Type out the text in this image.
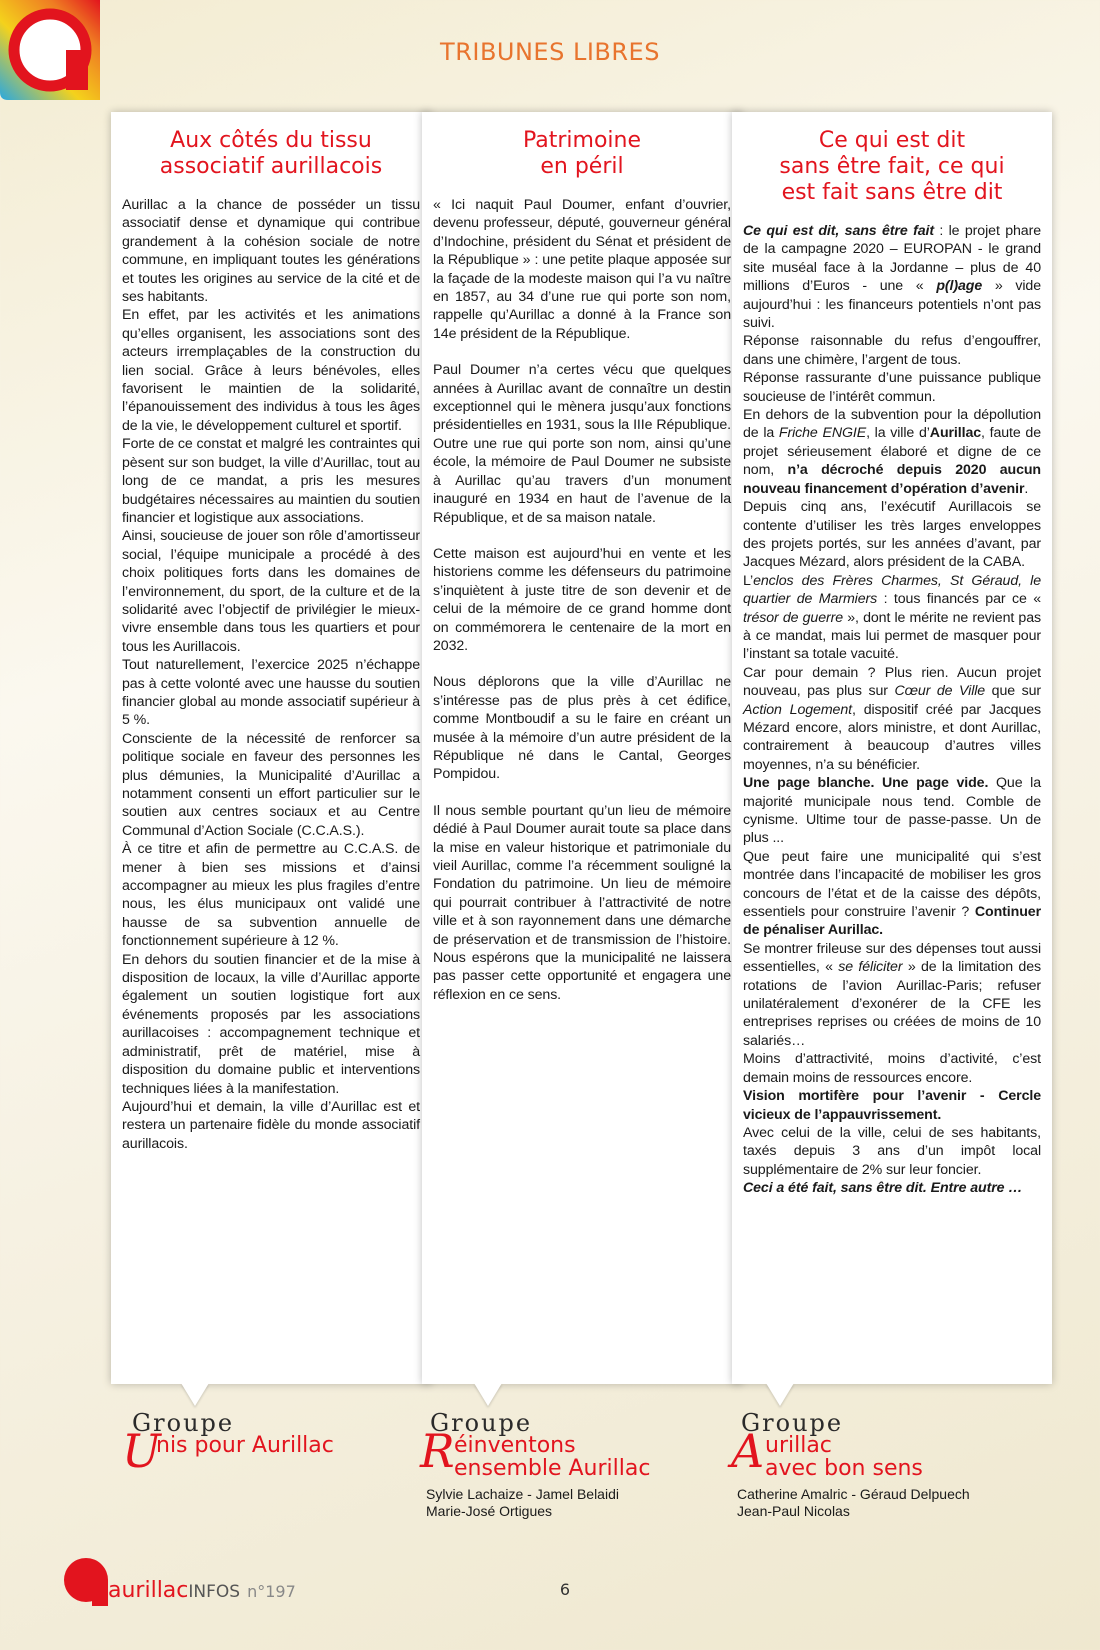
TRIBUNES LIBRES
Aux côtés du tissu
associatif aurillacois

Aurillac a la chance de posséder un tissu associatif dense et dynamique qui contribue grandement à la cohésion sociale de notre commune, en impliquant toutes les générations et toutes les origines au service de la cité et de ses habitants.

En effet, par les activités et les animations qu’elles organisent, les associations sont des acteurs irremplaçables de la construction du lien social. Grâce à leurs bénévoles, elles favorisent le maintien de la solidarité, l’épanouissement des individus à tous les âges de la vie, le développement culturel et sportif.

Forte de ce constat et malgré les contraintes qui pèsent sur son budget, la ville d’Aurillac, tout au long de ce mandat, a pris les mesures budgétaires nécessaires au maintien du soutien financier et logistique aux associations.

Ainsi, soucieuse de jouer son rôle d’amortisseur social, l’équipe municipale a procédé à des choix politiques forts dans les domaines de l’environnement, du sport, de la culture et de la solidarité avec l’objectif de privilégier le mieux-vivre ensemble dans tous les quartiers et pour tous les Aurillacois.

Tout naturellement, l’exercice 2025 n’échappe pas à cette volonté avec une hausse du soutien financier global au monde associatif supérieur à 5 %.

Consciente de la nécessité de renforcer sa politique sociale en faveur des personnes les plus démunies, la Municipalité d’Aurillac a notamment consenti un effort particulier sur le soutien aux centres sociaux et au Centre Communal d’Action Sociale (C.C.A.S.).

À ce titre et afin de permettre au C.C.A.S. de mener à bien ses missions et d’ainsi accompagner au mieux les plus fragiles d’entre nous, les élus municipaux ont validé une hausse de sa subvention annuelle de fonctionnement supérieure à 12 %.

En dehors du soutien financier et de la mise à disposition de locaux, la ville d’Aurillac apporte également un soutien logistique fort aux événements proposés par les associations aurillacoises : accompagnement technique et administratif, prêt de matériel, mise à disposition du domaine public et interventions techniques liées à la manifestation.

Aujourd’hui et demain, la ville d’Aurillac est et restera un partenaire fidèle du monde associatif aurillacois.

Patrimoine
en péril

« Ici naquit Paul Doumer, enfant d’ouvrier, devenu professeur, député, gouverneur général d’Indochine, président du Sénat et président de la République » : une petite plaque apposée sur la façade de la modeste maison qui l’a vu naître en 1857, au 34 d’une rue qui porte son nom, rappelle qu’Aurillac a donné à la France son 14e président de la République.

Paul Doumer n’a certes vécu que quelques années à Aurillac avant de connaître un destin exceptionnel qui le mènera jusqu’aux fonctions présidentielles en 1931, sous la IIIe République. Outre une rue qui porte son nom, ainsi qu’une école, la mémoire de Paul Doumer ne subsiste à Aurillac qu’au travers d’un monument inauguré en 1934 en haut de l’avenue de la République, et de sa maison natale.

Cette maison est aujourd’hui en vente et les historiens comme les défenseurs du patrimoine s’inquiètent à juste titre de son devenir et de celui de la mémoire de ce grand homme dont on commémorera le centenaire de la mort en 2032.

Nous déplorons que la ville d’Aurillac ne s’intéresse pas de plus près à cet édifice, comme Montboudif a su le faire en créant un musée à la mémoire d’un autre président de la République né dans le Cantal, Georges Pompidou.

Il nous semble pourtant qu’un lieu de mémoire dédié à Paul Doumer aurait toute sa place dans la mise en valeur historique et patrimoniale du vieil Aurillac, comme l’a récemment souligné la Fondation du patrimoine. Un lieu de mémoire qui pourrait contribuer à l’attractivité de notre ville et à son rayonnement dans une démarche de préservation et de transmission de l’histoire. Nous espérons que la municipalité ne laissera pas passer cette opportunité et engagera une réflexion en ce sens.

Ce qui est dit
sans être fait, ce qui
est fait sans être dit

Ce qui est dit, sans être fait : le projet phare de la campagne 2020 – EUROPAN - le grand site muséal face à la Jordanne – plus de 40 millions d’Euros - une « p(l)age » vide aujourd’hui : les financeurs potentiels n’ont pas suivi.

Réponse raisonnable du refus d’engouffrer, dans une chimère, l’argent de tous.

Réponse rassurante d’une puissance publique soucieuse de l’intérêt commun.

En dehors de la subvention pour la dépollution de la Friche ENGIE, la ville d’Aurillac, faute de projet sérieusement élaboré et digne de ce nom, n’a décroché depuis 2020 aucun nouveau financement d’opération d’avenir.

Depuis cinq ans, l’exécutif Aurillacois se contente d’utiliser les très larges enveloppes des projets portés, sur les années d’avant, par Jacques Mézard, alors président de la CABA.

L’enclos des Frères Charmes, St Géraud, le quartier de Marmiers : tous financés par ce « trésor de guerre », dont le mérite ne revient pas à ce mandat, mais lui permet de masquer pour l’instant sa totale vacuité.

Car pour demain ? Plus rien. Aucun projet nouveau, pas plus sur Cœur de Ville que sur Action Logement, dispositif créé par Jacques Mézard encore, alors ministre, et dont Aurillac, contrairement à beaucoup d’autres villes moyennes, n’a su bénéficier.

Une page blanche. Une page vide. Que la majorité municipale nous tend. Comble de cynisme. Ultime tour de passe-passe. Un de plus ...

Que peut faire une municipalité qui s’est montrée dans l’incapacité de mobiliser les gros concours de l’état et de la caisse des dépôts, essentiels pour construire l’avenir ? Continuer de pénaliser Aurillac.

Se montrer frileuse sur des dépenses tout aussi essentielles, « se féliciter » de la limitation des rotations de l’avion Aurillac-Paris; refuser unilatéralement d’exonérer de la CFE les entreprises reprises ou créées de moins de 10 salariés…

Moins d’attractivité, moins d’activité, c’est demain moins de ressources encore.

Vision mortifère pour l’avenir - Cercle vicieux de l’appauvrissement.

Avec celui de la ville, celui de ses habitants, taxés depuis 3 ans d’un impôt local supplémentaire de 2% sur leur foncier.

Ceci a été fait, sans être dit. Entre autre …

Groupe
U
nis pour Aurillac
Groupe
R éinventons
ensemble Aurillac
Sylvie Lachaize - Jamel Belaidi
Marie-José Ortigues
Groupe
A urillac
avec bon sens
Catherine Amalric - Géraud Delpuech
Jean-Paul Nicolas
aurillacINFOS n°197	6
